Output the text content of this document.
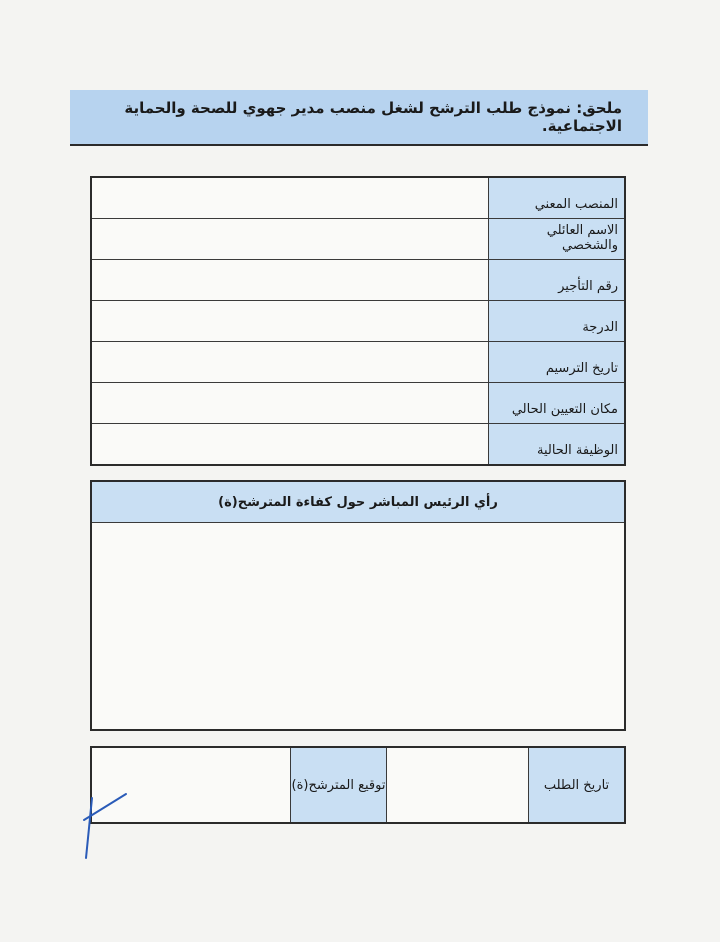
ملحق: نموذج طلب الترشح لشغل منصب مدير جهوي للصحة والحماية الاجتماعية.
المنصب المعني
الاسم العائلي والشخصي
رقم التأجير
الدرجة
تاريخ الترسيم
مكان التعيين الحالي
الوظيفة الحالية
رأي الرئيس المباشر حول كفاءة المترشح(ة)
تاريخ الطلب
توقيع المترشح(ة)
